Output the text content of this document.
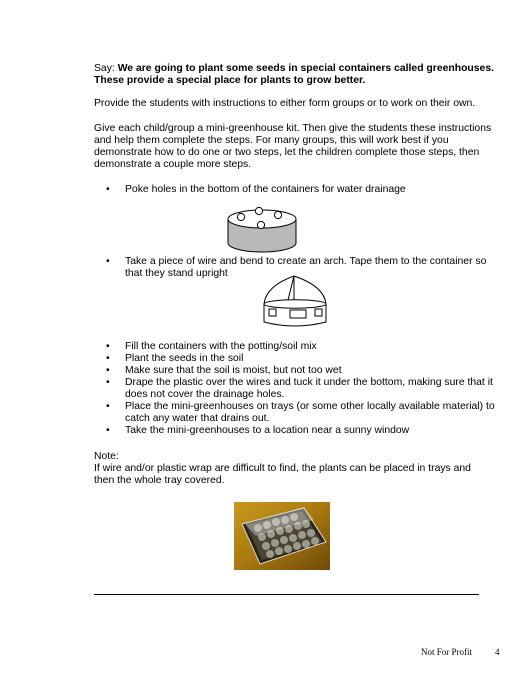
Say: We are going to plant some seeds in special containers called greenhouses.
These provide a special place for plants to grow better.

Provide the students with instructions to either form groups or to work on their own.

Give each child/group a mini-greenhouse kit. Then give the students these instructions
and help them complete the steps. For many groups, this will work best if you
demonstrate how to do one or two steps, let the children complete those steps, then
demonstrate a couple more steps.

• Poke holes in the bottom of the containers for water drainage
• Take a piece of wire and bend to create an arch. Tape them to the container so
that they stand upright
• Fill the containers with the potting/soil mix
• Plant the seeds in the soil
• Make sure that the soil is moist, but not too wet
• Drape the plastic over the wires and tuck it under the bottom, making sure that it
does not cover the drainage holes.
• Place the mini-greenhouses on trays (or some other locally available material) to
catch any water that drains out.
• Take the mini-greenhouses to a location near a sunny window

Note:
If wire and/or plastic wrap are difficult to find, the plants can be placed in trays and
then the whole tray covered.

Not For Profit	4
